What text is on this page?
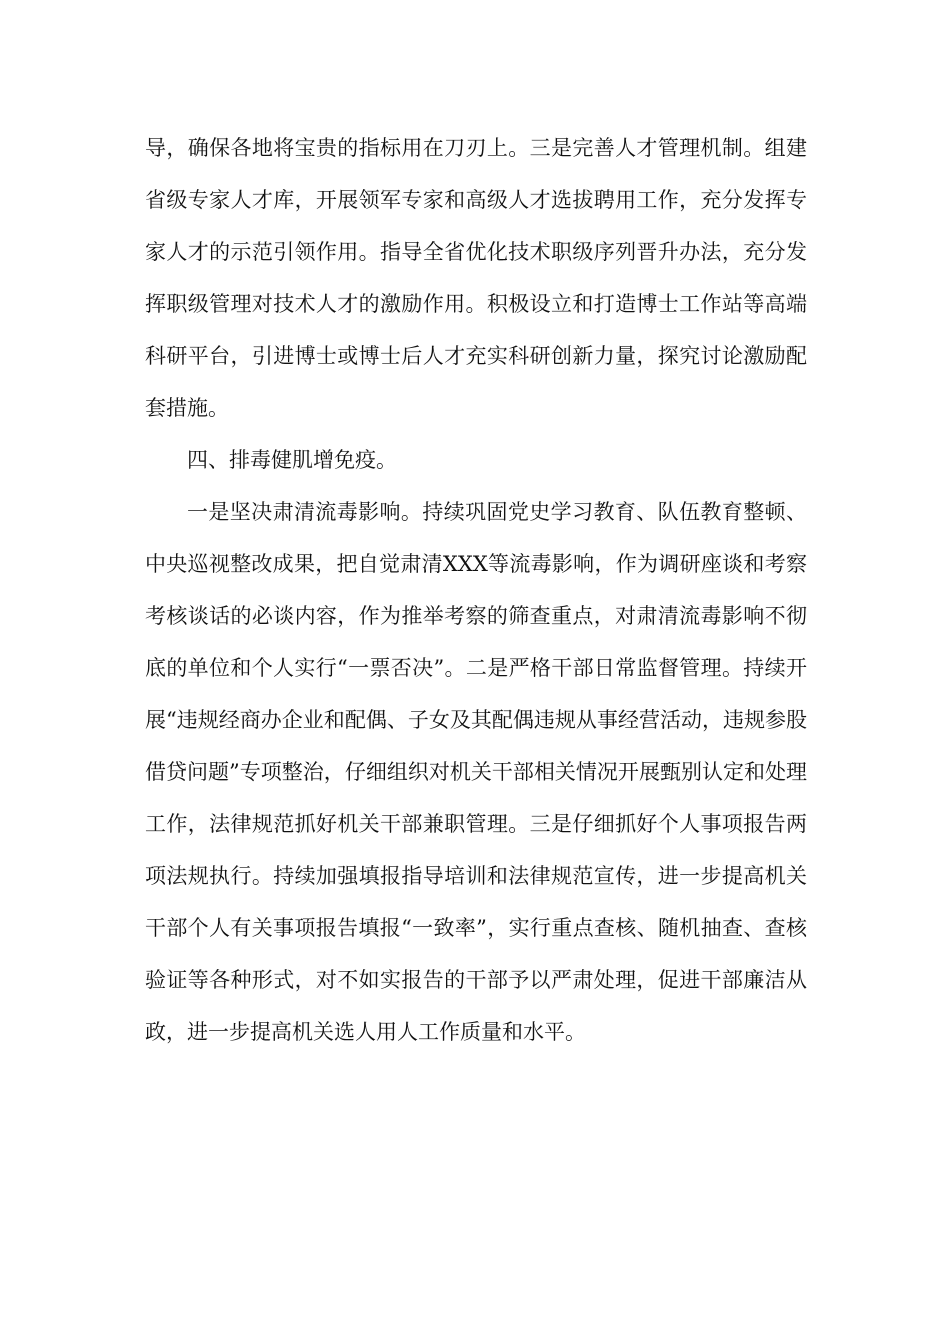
导，确保各地将宝贵的指标用在刀刃上。三是完善人才管理机制。组建省级专家人才库，开展领军专家和高级人才选拔聘用工作，充分发挥专家人才的示范引领作用。指导全省优化技术职级序列晋升办法，充分发挥职级管理对技术人才的激励作用。积极设立和打造博士工作站等高端科研平台，引进博士或博士后人才充实科研创新力量，探究讨论激励配套措施。

四、排毒健肌增免疫。

一是坚决肃清流毒影响。持续巩固党史学习教育、队伍教育整顿、中央巡视整改成果，把自觉肃清XXX等流毒影响，作为调研座谈和考察考核谈话的必谈内容，作为推举考察的筛查重点，对肃清流毒影响不彻底的单位和个人实行“一票否决”。二是严格干部日常监督管理。持续开展“违规经商办企业和配偶、子女及其配偶违规从事经营活动，违规参股借贷问题”专项整治，仔细组织对机关干部相关情况开展甄别认定和处理工作，法律规范抓好机关干部兼职管理。三是仔细抓好个人事项报告两项法规执行。持续加强填报指导培训和法律规范宣传，进一步提高机关干部个人有关事项报告填报“一致率”，实行重点查核、随机抽查、查核验证等各种形式，对不如实报告的干部予以严肃处理，促进干部廉洁从政，进一步提高机关选人用人工作质量和水平。
